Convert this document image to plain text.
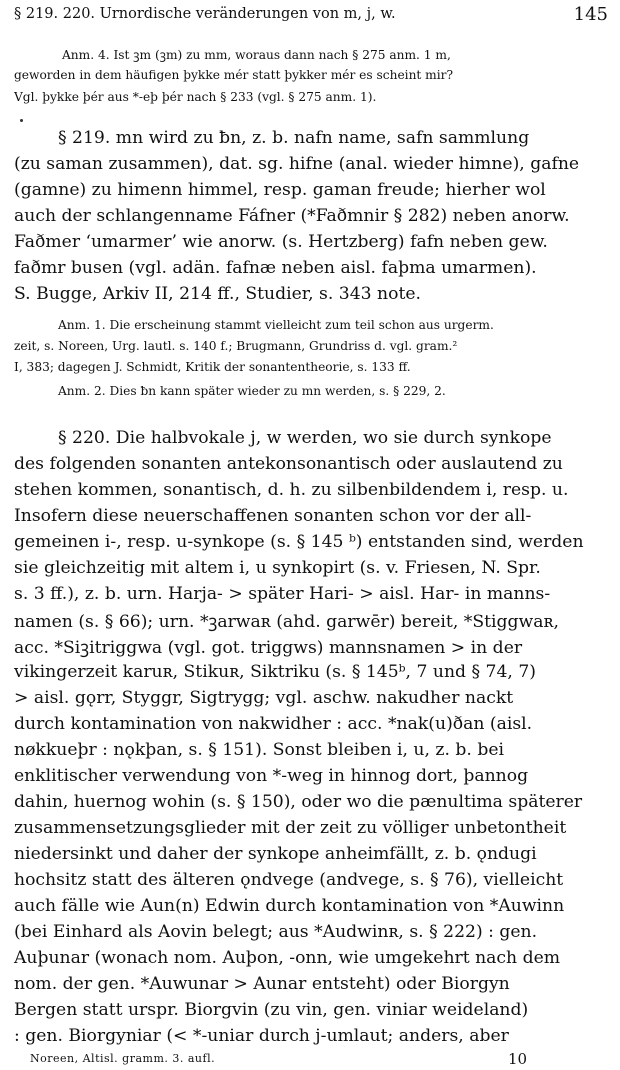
§ 219. 220. Urnordische veränderungen von m, j, w.	145
Anm. 4. Ist ꝫm (ꝫm) zu mm, woraus dann nach § 275 anm. 1 m,
geworden in dem häufigen þykke mér statt þykker mér es scheint mir?
Vgl. þykke þér aus *-eþ þér nach § 233 (vgl. § 275 anm. 1).
§ 219. mn wird zu ƀn, z. b. nafn name, safn sammlung
(zu saman zusammen), dat. sg. hifne (anal. wieder himne), gafne
(gamne) zu himenn himmel, resp. gaman freude; hierher wol
auch der schlangenname Fáfner (*Faðmnir § 282) neben anorw.
Faðmer ‘umarmer’ wie anorw. (s. Hertzberg) fafn neben gew.
faðmr busen (vgl. adän. fafnæ neben aisl. faþma umarmen).
S. Bugge, Arkiv II, 214 ff., Studier, s. 343 note.
Anm. 1. Die erscheinung stammt vielleicht zum teil schon aus urgerm.
zeit, s. Noreen, Urg. lautl. s. 140 f.; Brugmann, Grundriss d. vgl. gram.²
I, 383; dagegen J. Schmidt, Kritik der sonantentheorie, s. 133 ff.
Anm. 2. Dies ƀn kann später wieder zu mn werden, s. § 229, 2.
§ 220. Die halbvokale j, w werden, wo sie durch synkope
des folgenden sonanten antekonsonantisch oder auslautend zu
stehen kommen, sonantisch, d. h. zu silbenbildendem i, resp. u.
Insofern diese neuerschaffenen sonanten schon vor der all-
gemeinen i-, resp. u-synkope (s. § 145 ᵇ) entstanden sind, werden
sie gleichzeitig mit altem i, u synkopirt (s. v. Friesen, N. Spr.
s. 3 ff.), z. b. urn. Harja- > später Hari- > aisl. Har- in manns-
namen (s. § 66); urn. *ꝫarwaʀ (ahd. garwēr) bereit, *Stiggwaʀ,
acc. *Siꝫitriggwa (vgl. got. triggws) mannsnamen > in der
vikingerzeit karuʀ, Stikuʀ, Siktriku (s. § 145ᵇ, 7 und § 74, 7)
> aisl. gǫrr, Styggr, Sigtrygg; vgl. aschw. nakudher nackt
durch kontamination von nakwidher : acc. *nak(u)ðan (aisl.
nøkkueþr : nǫkþan, s. § 151). Sonst bleiben i, u, z. b. bei
enklitischer verwendung von *-weg in hinnog dort, þannog
dahin, huernog wohin (s. § 150), oder wo die pænultima späterer
zusammensetzungsglieder mit der zeit zu völliger unbetontheit
niedersinkt und daher der synkope anheimfällt, z. b. ǫndugi
hochsitz statt des älteren ǫndvege (andvege, s. § 76), vielleicht
auch fälle wie Aun(n) Edwin durch kontamination von *Auwinn
(bei Einhard als Aovin belegt; aus *Audwinʀ, s. § 222) : gen.
Auþunar (wonach nom. Auþon, -onn, wie umgekehrt nach dem
nom. der gen. *Auwunar > Aunar entsteht) oder Biorgyn
Bergen statt urspr. Biorgvin (zu vin, gen. viniar weideland)
: gen. Biorgyniar (< *-uniar durch j-umlaut; anders, aber
Noreen, Altisl. gramm. 3. aufl.	10
